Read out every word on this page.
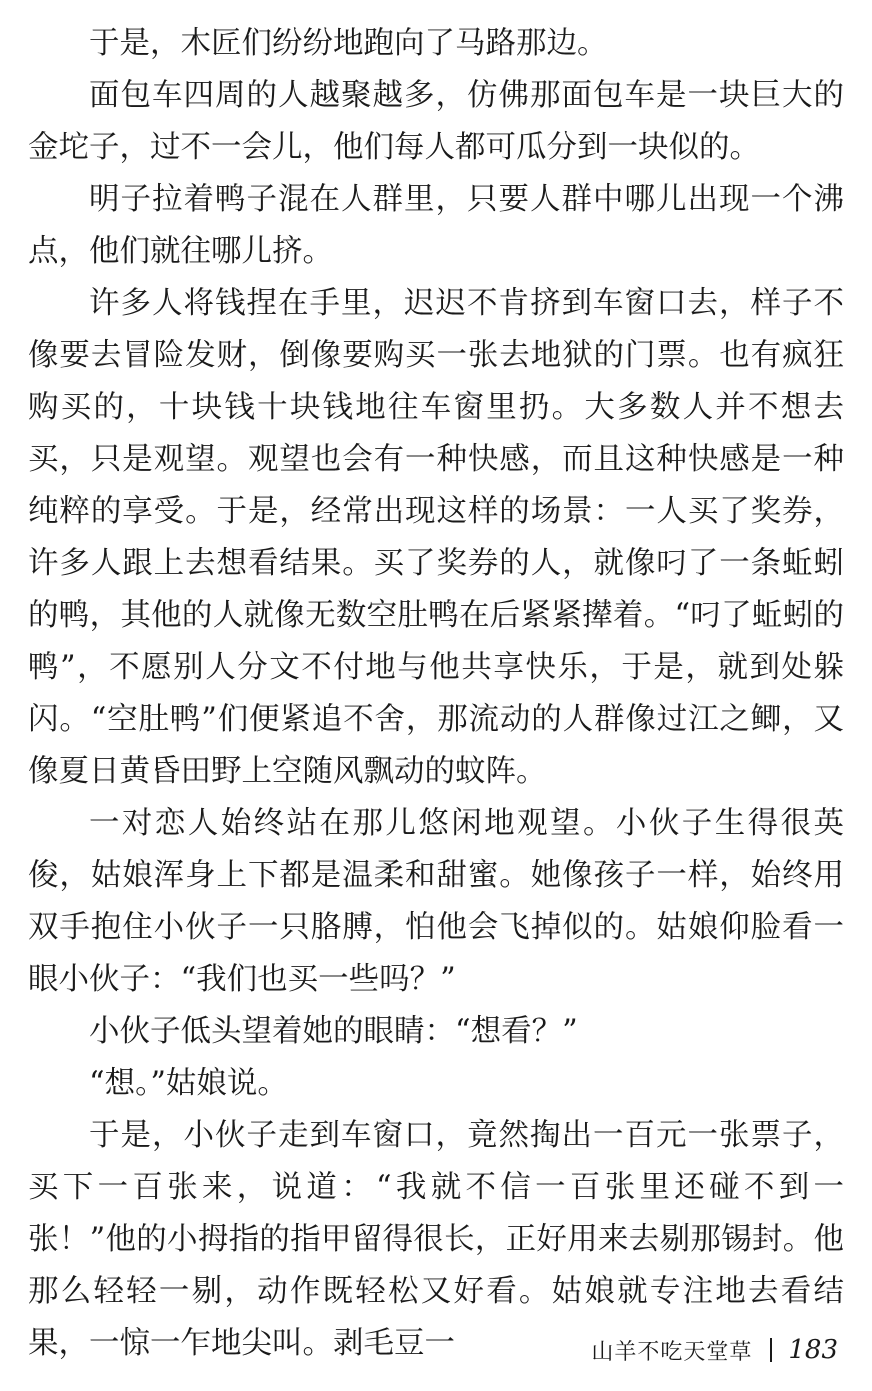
于是，木匠们纷纷地跑向了马路那边。

面包车四周的人越聚越多，仿佛那面包车是一块巨大的金坨子，过不一会儿，他们每人都可瓜分到一块似的。

明子拉着鸭子混在人群里，只要人群中哪儿出现一个沸点，他们就往哪儿挤。

许多人将钱捏在手里，迟迟不肯挤到车窗口去，样子不像要去冒险发财，倒像要购买一张去地狱的门票。也有疯狂购买的，十块钱十块钱地往车窗里扔。大多数人并不想去买，只是观望。观望也会有一种快感，而且这种快感是一种纯粹的享受。于是，经常出现这样的场景：一人买了奖券，许多人跟上去想看结果。买了奖券的人，就像叼了一条蚯蚓的鸭，其他的人就像无数空肚鸭在后紧紧撵着。“叼了蚯蚓的鸭”，不愿别人分文不付地与他共享快乐，于是，就到处躲闪。“空肚鸭”们便紧追不舍，那流动的人群像过江之鲫，又像夏日黄昏田野上空随风飘动的蚊阵。

一对恋人始终站在那儿悠闲地观望。小伙子生得很英俊，姑娘浑身上下都是温柔和甜蜜。她像孩子一样，始终用双手抱住小伙子一只胳膊，怕他会飞掉似的。姑娘仰脸看一眼小伙子：“我们也买一些吗？”

小伙子低头望着她的眼睛：“想看？”

“想。”姑娘说。

于是，小伙子走到车窗口，竟然掏出一百元一张票子，买下一百张来，说道：“我就不信一百张里还碰不到一张！”他的小拇指的指甲留得很长，正好用来去剔那锡封。他那么轻轻一剔，动作既轻松又好看。姑娘就专注地去看结果，一惊一乍地尖叫。剥毛豆一	山羊不吃天堂草 183
